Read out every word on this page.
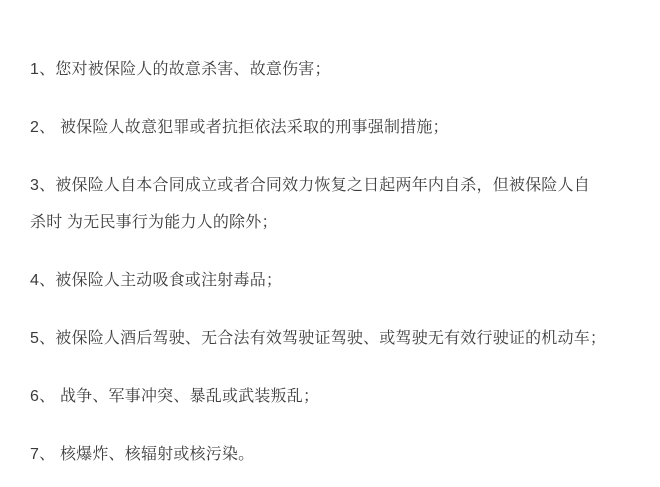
1、您对被保险人的故意杀害、故意伤害；

2、 被保险人故意犯罪或者抗拒依法采取的刑事强制措施；

3、被保险人自本合同成立或者合同效力恢复之日起两年内自杀，但被保险人自
杀时 为无民事行为能力人的除外；

4、被保险人主动吸食或注射毒品；

5、被保险人酒后驾驶、无合法有效驾驶证驾驶、或驾驶无有效行驶证的机动车；

6、 战争、军事冲突、暴乱或武装叛乱；

7、 核爆炸、核辐射或核污染。
